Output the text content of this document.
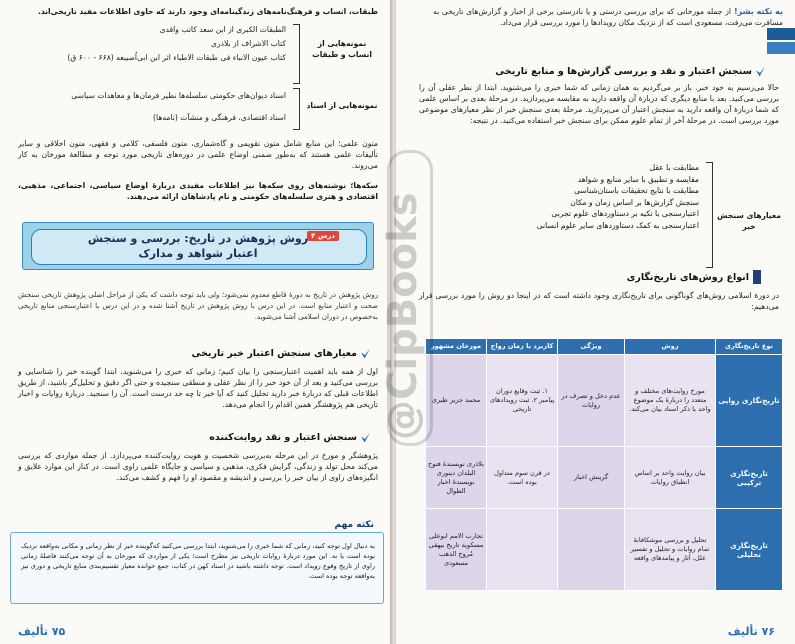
طبقات، انساب و فرهنگ‌نامه‌های زندگینامه‌ای وجود دارند که حاوی اطلاعات مفید تاریخی‌اند.
نمونه‌هایی از انساب و طبقات
الطبقات الکبری از ابن سعد کاتب واقدی
کتاب الاشراف از بلاذری
کتاب عیون الانباء فی طبقات الاطباء اثر ابن ابی‌اُصیبعه (۶۶۸ - ۶۰۰ ق)
نمونه‌هایی از اسناد
اسناد دیوان‌های حکومتی سلسله‌ها نظیر فرمان‌ها و معاهدات سیاسی
اسناد اقتصادی، فرهنگی و منشآت (نامه‌ها)
متون علمی؛ این منابع شامل متون تقویمی و گاه‌شماری، متون فلسفی، کلامی و فقهی، متون اخلاقی و سایر تألیفات علمی هستند که به‌طور ضمنی اوضاع علمی در دوره‌های تاریخی مورد توجه و مطالعهٔ مورخان به کار می‌روند.
سکه‌ها؛ نوشته‌های روی سکه‌ها نیز اطلاعات مفیدی دربارهٔ اوضاع سیاسی، اجتماعی، مذهبی، اقتصادی و هنری سلسله‌های حکومتی و نام پادشاهان ارائه می‌دهند.
درس ۴
روش پژوهش در تاریخ: بررسی و سنجش
اعتبار شواهد و مدارک
روش پژوهش در تاریخ به دورهٔ قاطع معدوم نمی‌شود؛ ولی باید توجه داشت که یکی از مراحل اصلی پژوهش تاریخی سنجش صحت و اعتبار منابع است. در این درس با روش پژوهش در تاریخ آشنا شده و در این درس با اعتبارسنجی منابع تاریخی به‌خصوص در دوران اسلامی آشنا می‌شوید.
معیارهای سنجش اعتبار خبر تاریخی
اول از همه باید اهمیت اعتبارسنجی را بیان کنیم؛ زمانی که خبری را می‌شنوید، ابتدا گوینده خبر را شناسایی و بررسی می‌کنید و بعد از آن خود خبر را از نظر عقلی و منطقی سنجیده و حتی اگر دقیق و تحلیل‌گر باشید، از طریق اطلاعات قبلی که دربارهٔ خبر دارید تحلیل کنید که آیا خبر تا چه حد درست است. آن را سنجید. دربارهٔ روایات و اخبار تاریخی هم پژوهشگر همین اقدام را انجام می‌دهد.
سنجش اعتبار و نقد روایت‌کننده
پژوهشگر و مورخ در این مرحله به‌بررسی شخصیت و هویت روایت‌کننده می‌پردازد. از جمله مواردی که بررسی می‌کند محل تولد و زندگی، گرایش فکری، مذهبی و سیاسی و جایگاه علمی راوی است. در کنار این موارد علایق و انگیزه‌های راوی از بیان خبر را بررسی و اندیشه و مقصود او را فهم و کشف می‌کند.
به دنبال اول توجه کنید، زمانی که شما خبری را می‌شنوید، ابتدا بررسی می‌کنید که‌گوینده خبر از نظر زمانی و مکانی به‌واقعه نزدیک بوده است یا نه. این مورد دربارهٔ روایات تاریخی نیز مطرح است؛ یکی از مواردی که مورخان به آن توجه می‌کنند فاصلهٔ زمانی راوی از تاریخ وقوع رویداد است. توجه داشته باشید در اسناد کهن در کتاب، جمع خوانده معیار تقسیم‌بندی منابع تاریخی و دوری نیز به‌واقعه توجه بوده است.
نکته مهم
۷۵ تألیف
به نکته بشر!
از جمله مورخانی که برای بررسی درستی و یا نادرستی برخی از اخبار و گزارش‌های تاریخی به مسافرت می‌رفت، مسعودی است که از نزدیک مکان رویدادها را مورد بررسی قرار می‌داد.
سنجش اعتبار و نقد و بررسی گزارش‌ها و منابع تاریخی
حالا می‌رسیم به خود خبر. باز بر می‌گردیم به همان زمانی که شما خبری را می‌شنوید. ابتدا از نظر عقلی آن را بررسی می‌کنید. بعد با منابع دیگری که دربارهٔ آن واقعه دارید به مقایسه می‌پردازید. در مرحلهٔ بعدی بر اساس علمی که شما دربارهٔ آن واقعه دارید به سنجش اعتبار آن می‌پردازید. مرحلهٔ بعدی سنجش خبر از نظر معیارهای موضوعی مورد بررسی است. در مرحلهٔ آخر از تمام علوم ممکن برای سنجش خبر استفاده می‌کنید. در نتیجه:
معیارهای سنجش خبر
مطابقت با عقل
مقایسه و تطبیق با سایر منابع و شواهد
مطابقت با نتایج تحقیقات باستان‌شناسی
سنجش گزارش‌ها بر اساس زمان و مکان
اعتبارسنجی با تکیه بر دستاوردهای علوم تجربی
اعتبارسنجی به کمک دستاوردهای سایر علوم انسانی
انواع روش‌های تاریخ‌نگاری
در دورهٔ اسلامی روش‌های گوناگونی برای تاریخ‌نگاری وجود داشته است که در اینجا دو روش را مورد بررسی قرار می‌دهیم:
نوع تاریخ‌نگاری	روش	ویژگی	کاربرد یا زمان رواج	مورخان مشهور
تاریخ‌نگاری روایی	مورخ روایت‌های مختلف و متعدد را دربارهٔ یک موضوع واحد با ذکر اسناد بیان می‌کند.	عدم دخل و تصرف در روایات	۱. ثبت وقایع دوران پیامبر ۲. ثبت رویدادهای تاریخی	محمد جریر طبری
تاریخ‌نگاری ترکیبی	بیان روایت واحد بر اساس انطباق روایات	گزینش اخبار	در قرن سوم متداول بوده است.	بلاذری نویسندهٔ فتوح البلدان دینوری نویسندهٔ اخبار الطوال
تاریخ‌نگاری تحلیلی	تحلیل و بررسی موشکافانهٔ تمام روایات و تحلیل و تفسیر علل، آثار و پیامدهای واقعه			تجارب الامم ابوعلی مسکویه تاریخ بیهقی مُروج الذهب مسعودی
۷۶ تألیف
@CipBooks
